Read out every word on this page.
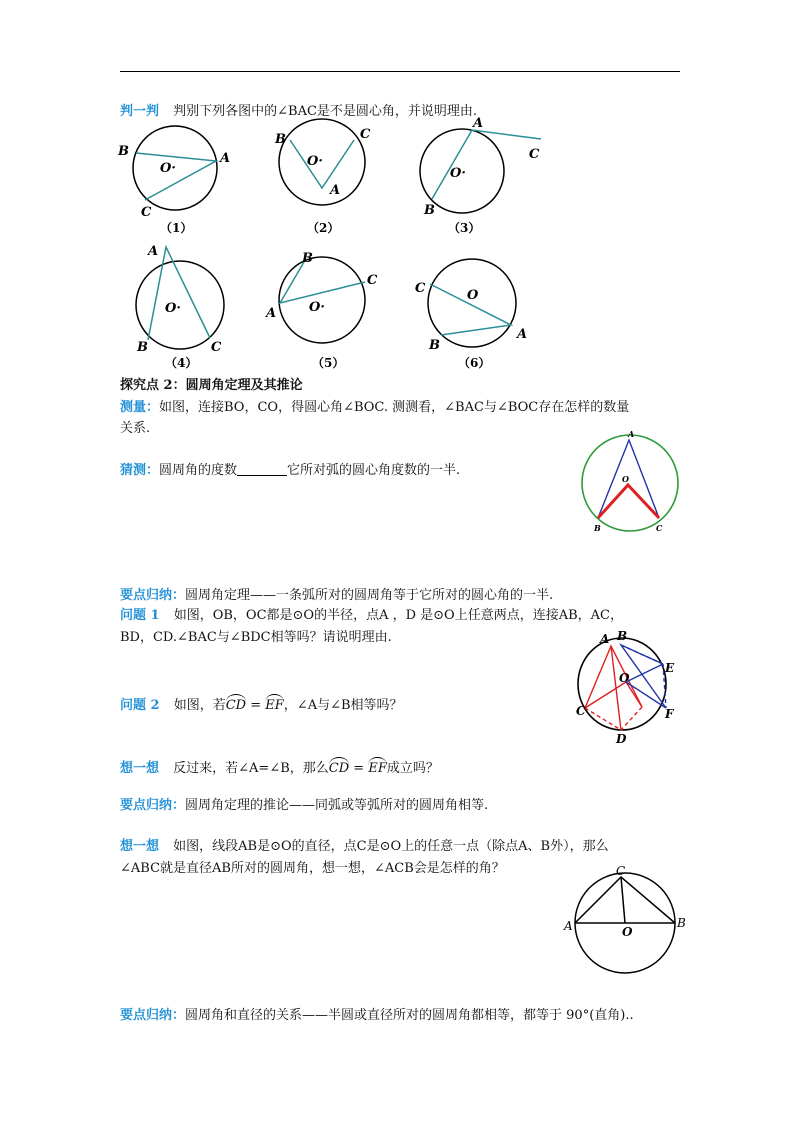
判一判 判别下列各图中的∠BAC是不是圆心角，并说明理由.
B	A
C
O·
（1）
B	C
A
O·
（2）
A
C
B
O·
（3）
A
B	C
O·
（4）
B
C
A	O·
（5）
C
A
B
O
（6）
探究点 2：圆周角定理及其推论
测量：如图，连接BO，CO，得圆心角∠BOC. 测测看，∠BAC与∠BOC存在怎样的数量
关系.
猜测：圆周角的度数	它所对弧的圆心角度数的一半.
A
O
B	C
要点归纳：圆周角定理——一条弧所对的圆周角等于它所对的圆心角的一半.
问题 1 如图，OB，OC都是⊙O的半径，点A ，D 是⊙O上任意两点，连接AB，AC，
BD，CD.∠BAC与∠BDC相等吗？请说明理由.	A B
E
O
C	F
D
问题 2 如图，若CD = EF，∠A与∠B相等吗？
想一想 反过来，若∠A=∠B，那么CD = EF成立吗？
要点归纳：圆周角定理的推论——同弧或等弧所对的圆周角相等.
想一想 如图，线段AB是⊙O的直径，点C是⊙O上的任意一点（除点A、B外），那么
∠ABC就是直径AB所对的圆周角，想一想，∠ACB会是怎样的角？	C
A	B
O
要点归纳：圆周角和直径的关系——半圆或直径所对的圆周角都相等，都等于 90°(直角)..
